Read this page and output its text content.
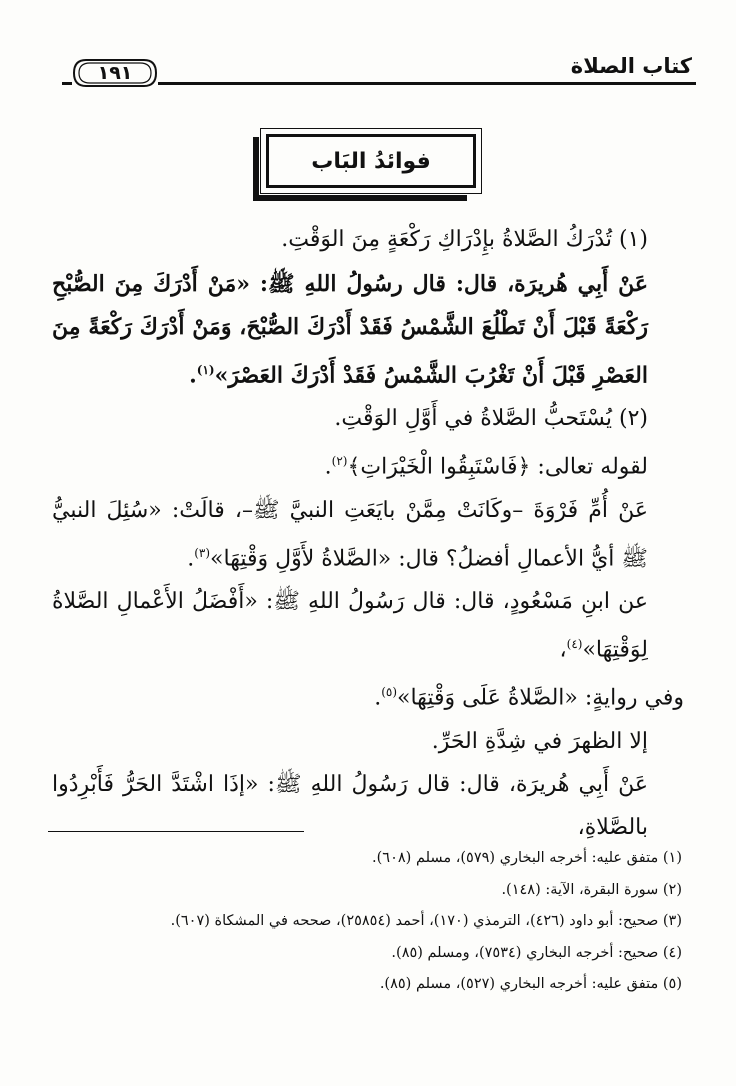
كتاب الصلاة
١٩١
فوائدُ البَاب

(١) تُدْرَكُ الصَّلاةُ بإِدْرَاكِ رَكْعَةٍ مِنَ الوَقْتِ.

عَنْ أَبِي هُريرَة، قال: قال رسُولُ اللهِ ﷺ: «مَنْ أَدْرَكَ مِنَ الصُّبْحِ رَكْعَةً قَبْلَ أَنْ تَطْلُعَ الشَّمْسُ فَقَدْ أَدْرَكَ الصُّبْحَ، وَمَنْ أَدْرَكَ رَكْعَةً مِنَ العَصْرِ قَبْلَ أَنْ تَغْرُبَ الشَّمْسُ فَقَدْ أَدْرَكَ العَصْرَ»$^{(١)}$.

(٢) يُسْتَحبُّ الصَّلاةُ في أَوَّلِ الوَقْتِ.

لقوله تعالى: ﴿فَاسْتَبِقُوا الْخَيْرَاتِ﴾$^{(٢)}$.

عَنْ أُمِّ فَرْوَةَ –وكَانَتْ مِمَّنْ بايَعَتِ النبيَّ ﷺ–، قالَتْ: «سُئِلَ النبيُّ ﷺ أيُّ الأعمالِ أفضلُ؟ قال: «الصَّلاةُ لأَوَّلِ وَقْتِهَا»$^{(٣)}$.

عن ابنِ مَسْعُودٍ، قال: قال رَسُولُ اللهِ ﷺ: «أَفْضَلُ الأَعْمالِ الصَّلاةُ لِوَقْتِهَا»$^{(٤)}$،

وفي روايةٍ: «الصَّلاةُ عَلَى وَقْتِهَا»$^{(٥)}$.

إلا الظهرَ في شِدَّةِ الحَرِّ.

عَنْ أَبِي هُريرَة، قال: قال رَسُولُ اللهِ ﷺ: «إذَا اشْتَدَّ الحَرُّ فَأَبْرِدُوا بالصَّلاةِ،

(١) متفق عليه: أخرجه البخاري (٥٧٩)، مسلم (٦٠٨).

(٢) سورة البقرة، الآية: (١٤٨).

(٣) صحيح: أبو داود (٤٢٦)، الترمذي (١٧٠)، أحمد (٢٥٨٥٤)، صححه في المشكاة (٦٠٧).

(٤) صحيح: أخرجه البخاري (٧٥٣٤)، ومسلم (٨٥).

(٥) متفق عليه: أخرجه البخاري (٥٢٧)، مسلم (٨٥).
